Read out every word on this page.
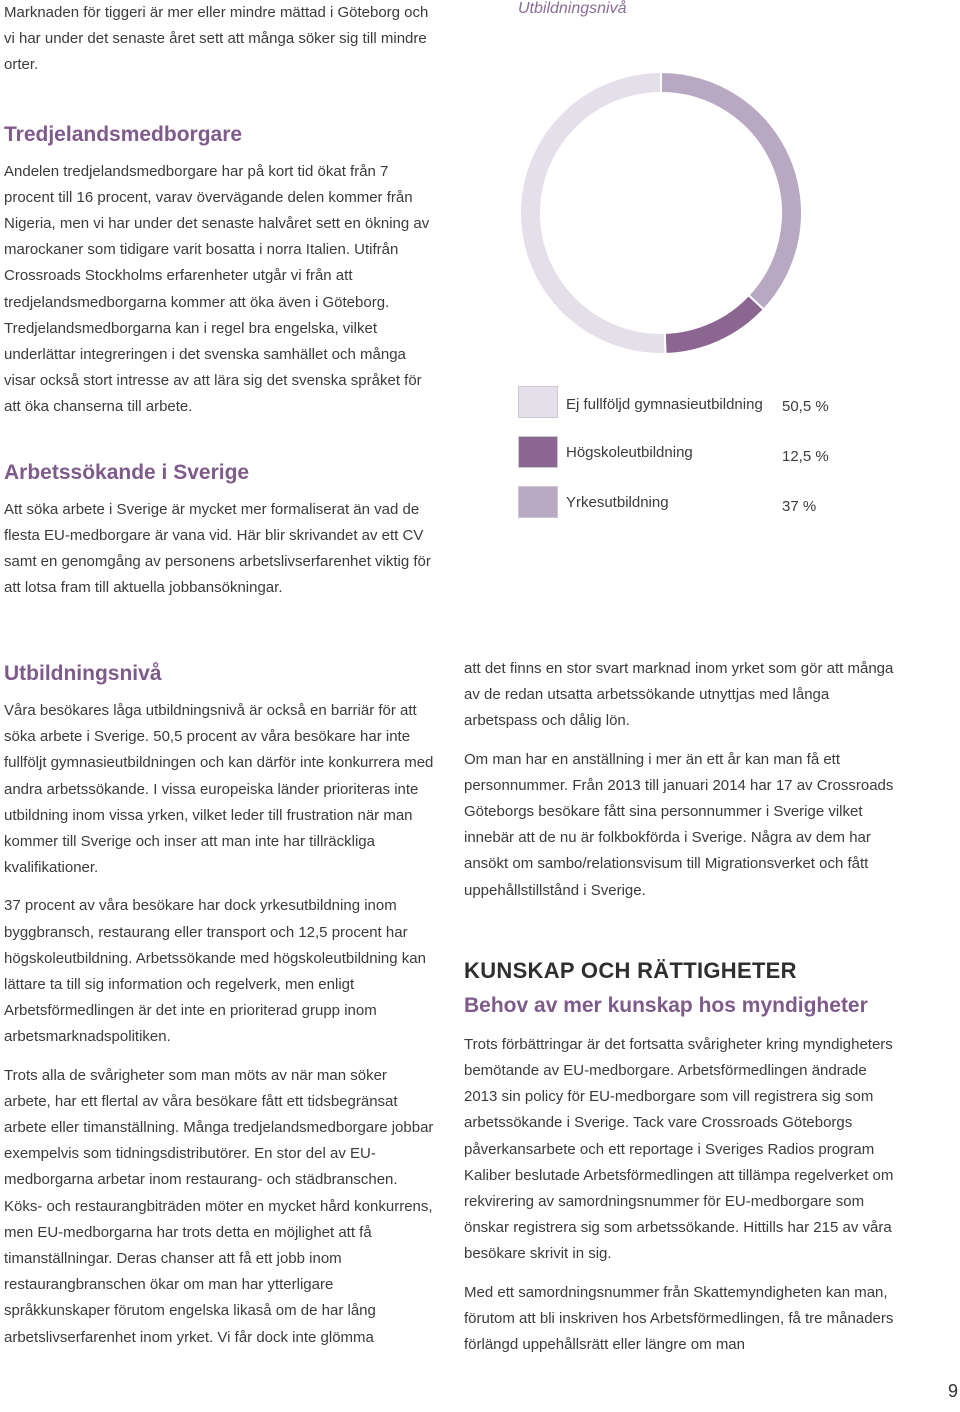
Marknaden för tiggeri är mer eller mindre mättad i Göteborg och vi har under det senaste året sett att många söker sig till mindre orter.

Tredjelandsmedborgare

Andelen tredjelandsmedborgare har på kort tid ökat från 7 procent till 16 procent, varav övervägande delen kommer från Nigeria, men vi har under det senaste halvåret sett en ökning av marockaner som tidigare varit bosatta i norra Italien. Utifrån Crossroads Stockholms erfarenheter utgår vi från att tredjelandsmedborgarna kommer att öka även i Göteborg. Tredjelandsmedborgarna kan i regel bra engelska, vilket underlättar integreringen i det svenska samhället och många visar också stort intresse av att lära sig det svenska språket för att öka chanserna till arbete.

Arbetssökande i Sverige

Att söka arbete i Sverige är mycket mer formaliserat än vad de flesta EU-medborgare är vana vid. Här blir skrivandet av ett CV samt en genomgång av personens arbetslivserfarenhet viktig för att lotsa fram till aktuella jobbansökningar.

Utbildningsnivå
Ej fullföljd gymnasieutbildning 50,5 %
Högskoleutbildning	12,5 %
Yrkesutbildning	37 %
Utbildningsnivå

Våra besökares låga utbildningsnivå är också en barriär för att söka arbete i Sverige. 50,5 procent av våra besökare har inte fullföljt gymnasieutbildningen och kan därför inte konkurrera med andra arbetssökande. I vissa europeiska länder prioriteras inte utbildning inom vissa yrken, vilket leder till frustration när man kommer till Sverige och inser att man inte har tillräckliga kvalifikationer.

37 procent av våra besökare har dock yrkesutbildning inom byggbransch, restaurang eller transport och 12,5 procent har högskoleutbildning. Arbetssökande med högskoleutbildning kan lättare ta till sig information och regelverk, men enligt Arbetsförmedlingen är det inte en prioriterad grupp inom arbetsmarknadspolitiken.

Trots alla de svårigheter som man möts av när man söker arbete, har ett flertal av våra besökare fått ett tidsbegränsat arbete eller timanställning. Många tredjelandsmedborgare jobbar exempelvis som tidningsdistributörer. En stor del av EU-medborgarna arbetar inom restaurang- och städbranschen. Köks- och restaurangbiträden möter en mycket hård konkurrens, men EU-medborgarna har trots detta en möjlighet att få timanställningar. Deras chanser att få ett jobb inom restaurangbranschen ökar om man har ytterligare språkkunskaper förutom engelska likaså om de har lång arbetslivserfarenhet inom yrket. Vi får dock inte glömma

att det finns en stor svart marknad inom yrket som gör att många av de redan utsatta arbetssökande utnyttjas med långa arbetspass och dålig lön.

Om man har en anställning i mer än ett år kan man få ett personnummer. Från 2013 till januari 2014 har 17 av Crossroads Göteborgs besökare fått sina personnummer i Sverige vilket innebär att de nu är folkbokförda i Sverige. Några av dem har ansökt om sambo/relationsvisum till Migrationsverket och fått uppehållstillstånd i Sverige.

KUNSKAP OCH RÄTTIGHETER
Behov av mer kunskap hos myndigheter

Trots förbättringar är det fortsatta svårigheter kring myndigheters bemötande av EU-medborgare. Arbetsförmedlingen ändrade 2013 sin policy för EU-medborgare som vill registrera sig som arbetssökande i Sverige. Tack vare Crossroads Göteborgs påverkansarbete och ett reportage i Sveriges Radios program Kaliber beslutade Arbetsförmedlingen att tillämpa regelverket om rekvirering av samordningsnummer för EU-medborgare som önskar registrera sig som arbetssökande. Hittills har 215 av våra besökare skrivit in sig.

Med ett samordningsnummer från Skattemyndigheten kan man, förutom att bli inskriven hos Arbetsförmedlingen, få tre månaders förlängd uppehållsrätt eller längre om man

9
